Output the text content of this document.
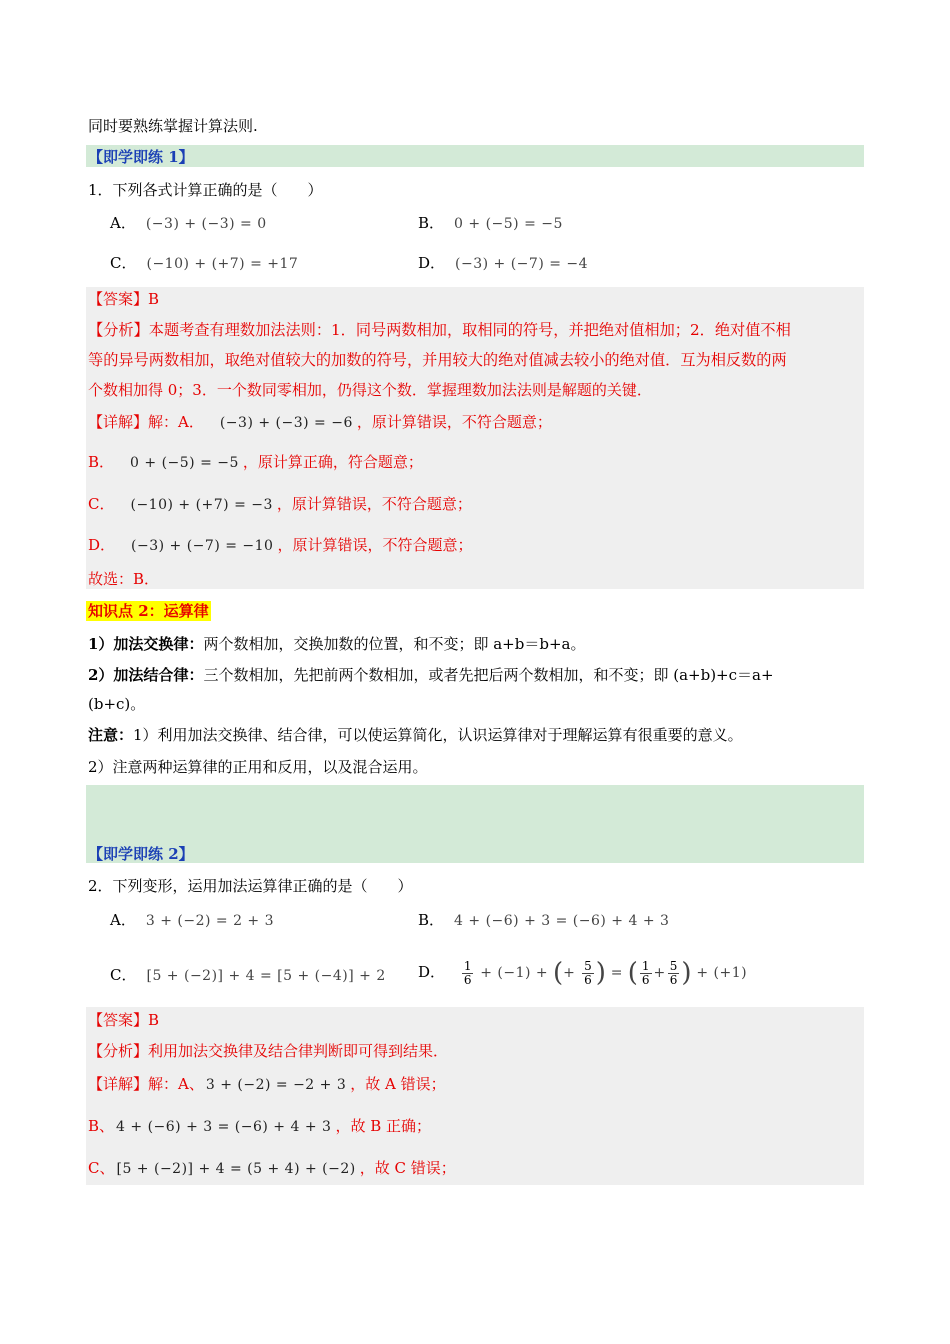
同时要熟练掌握计算法则.
【即学即练 1】
1．下列各式计算正确的是（　　）
A． (−3) + (−3) = 0	B． 0 + (−5) = −5
C． (−10) + (+7) = +17	D． (−3) + (−7) = −4
【答案】B
【分析】本题考查有理数加法法则：1．同号两数相加，取相同的符号，并把绝对值相加；2．绝对值不相
等的异号两数相加，取绝对值较大的加数的符号，并用较大的绝对值减去较小的绝对值．互为相反数的两
个数相加得 0；3．一个数同零相加，仍得这个数．掌握理数加法法则是解题的关键．
【详解】解：A． (−3) + (−3) = −6 ，原计算错误，不符合题意；
B． 0 + (−5) = −5 ，原计算正确，符合题意；
C． (−10) + (+7) = −3 ，原计算错误，不符合题意；
D． (−3) + (−7) = −10 ，原计算错误，不符合题意；
故选：B．
知识点 2：运算律
1）加法交换律：两个数相加，交换加数的位置，和不变；即 a+b＝b+a。
2）加法结合律：三个数相加，先把前两个数相加，或者先把后两个数相加，和不变；即 (a+b)+c＝a+
(b+c)。
注意：1）利用加法交换律、结合律，可以使运算简化，认识运算律对于理解运算有很重要的意义。
2）注意两种运算律的正用和反用，以及混合运用。
【即学即练 2】
2．下列变形，运用加法运算律正确的是（　　）
A． 3 + (−2) = 2 + 3	B． 4 + (−6) + 3 = (−6) + 4 + 3
C． [5 + (−2)] + 4 = [5 + (−4)] + 2 D． $\frac{1}{6} + (-1)$ + (+ $\frac{5}{6}$ ) = ( $\frac{1}{6} + \frac{5}{6}$ ) + (+1)
【答案】B
【分析】利用加法交换律及结合律判断即可得到结果．
【详解】解：A、 3 + (−2) = −2 + 3 ，故 A 错误；
B、 4 + (−6) + 3 = (−6) + 4 + 3 ，故 B 正确；
C、 [5 + (−2)] + 4 = (5 + 4) + (−2) ，故 C 错误；
